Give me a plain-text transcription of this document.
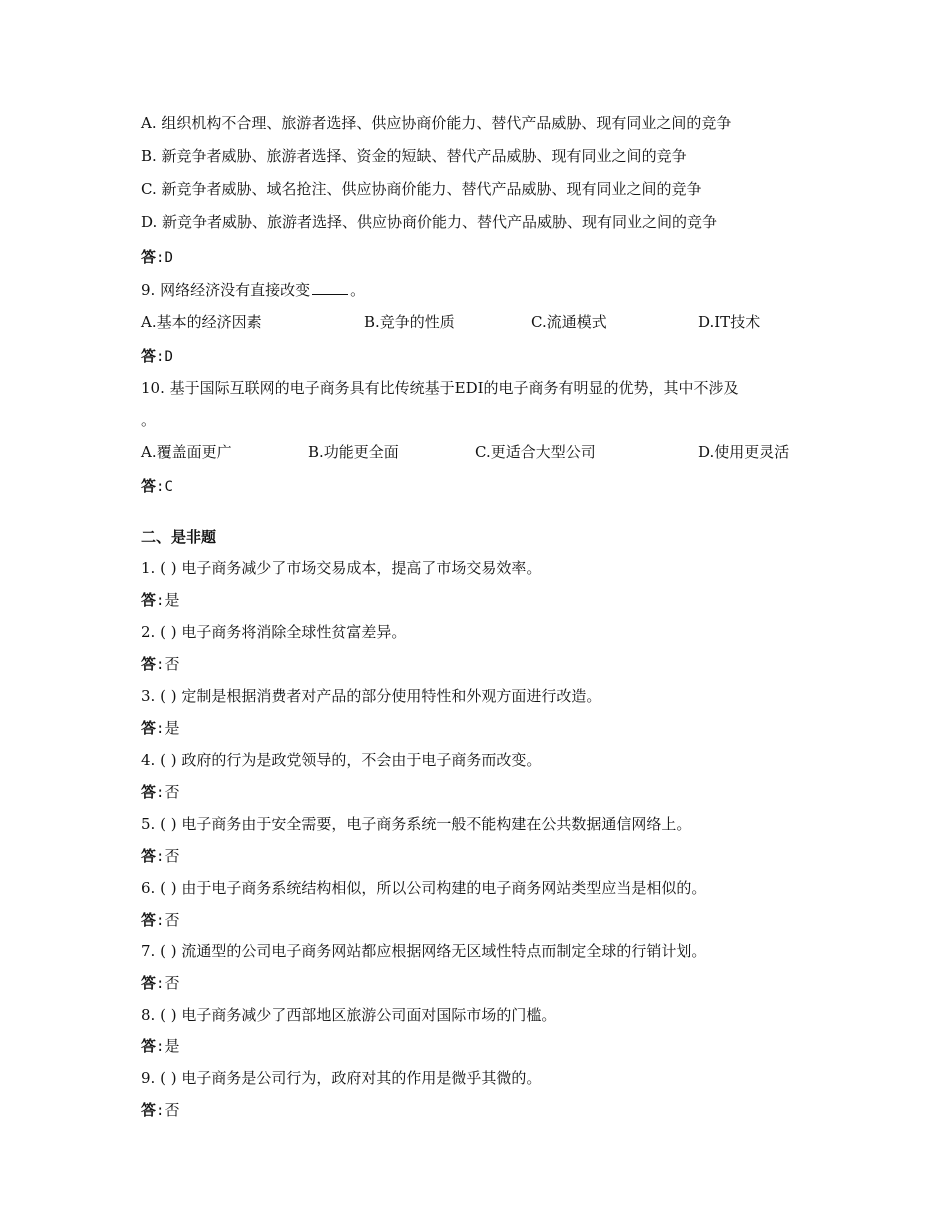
A. 组织机构不合理、旅游者选择、供应协商价能力、替代产品威胁、现有同业之间的竞争
B. 新竞争者威胁、旅游者选择、资金的短缺、替代产品威胁、现有同业之间的竞争
C. 新竞争者威胁、域名抢注、供应协商价能力、替代产品威胁、现有同业之间的竞争
D. 新竞争者威胁、旅游者选择、供应协商价能力、替代产品威胁、现有同业之间的竞争
答:D
9. 网络经济没有直接改变	。
A.基本的经济因素	B.竞争的性质	C.流通模式	D.IT技术
答:D
10. 基于国际互联网的电子商务具有比传统基于EDI的电子商务有明显的优势，其中不涉及
。
A.覆盖面更广	B.功能更全面	C.更适合大型公司	D.使用更灵活
答:C
二、是非题
1. ( ) 电子商务减少了市场交易成本，提高了市场交易效率。
答:是
2. ( ) 电子商务将消除全球性贫富差异。
答:否
3. ( ) 定制是根据消费者对产品的部分使用特性和外观方面进行改造。
答:是
4. ( ) 政府的行为是政党领导的，不会由于电子商务而改变。
答:否
5. ( ) 电子商务由于安全需要，电子商务系统一般不能构建在公共数据通信网络上。
答:否
6. ( ) 由于电子商务系统结构相似，所以公司构建的电子商务网站类型应当是相似的。
答:否
7. ( ) 流通型的公司电子商务网站都应根据网络无区域性特点而制定全球的行销计划。
答:否
8. ( ) 电子商务减少了西部地区旅游公司面对国际市场的门槛。
答:是
9. ( ) 电子商务是公司行为，政府对其的作用是微乎其微的。
答:否
